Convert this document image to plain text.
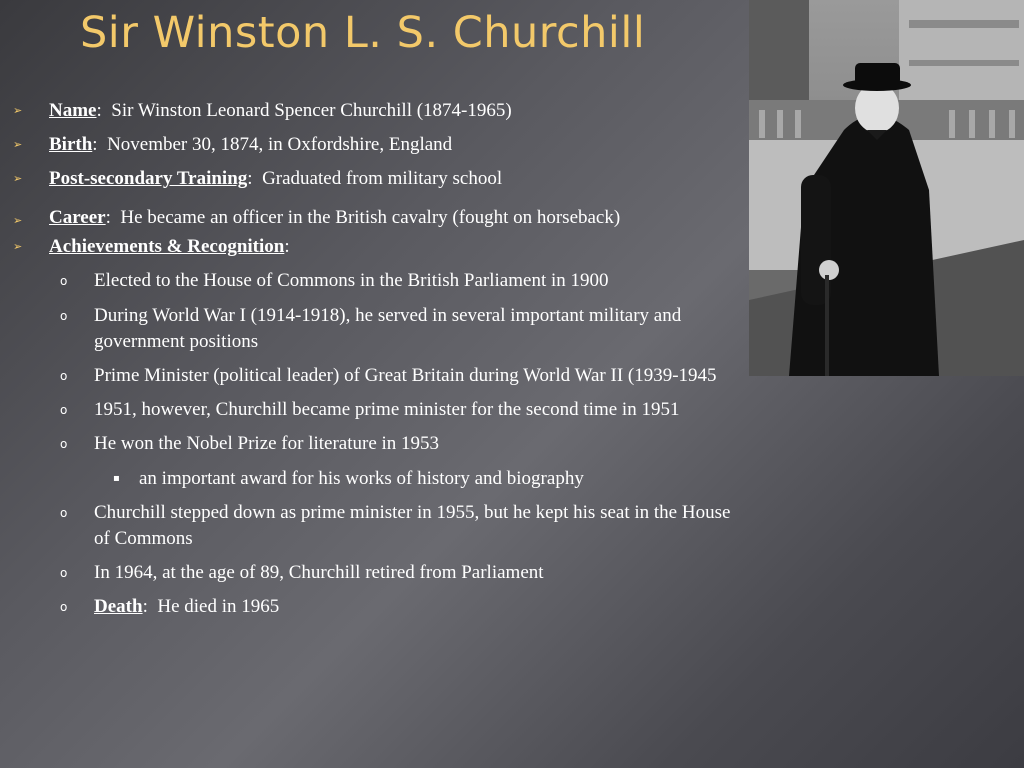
Sir Winston L. S. Churchill
➢ Name:  Sir Winston Leonard Spencer Churchill (1874-1965)
➢ Birth:  November 30, 1874, in Oxfordshire, England
➢ Post-secondary Training:  Graduated from military school
➢ Career:  He became an officer in the British cavalry (fought on horseback)
➢ Achievements & Recognition:
o Elected to the House of Commons in the British Parliament in 1900
o During World War I (1914-1918), he served in several important military and government positions
o Prime Minister (political leader) of Great Britain during World War II (1939-1945
o 1951, however, Churchill became prime minister for the second time in 1951
o He won the Nobel Prize for literature in 1953
▪ an important award for his works of history and biography
o Churchill stepped down as prime minister in 1955, but he kept his seat in the House of Commons
o In 1964, at the age of 89, Churchill retired from Parliament
o Death:  He died in 1965
